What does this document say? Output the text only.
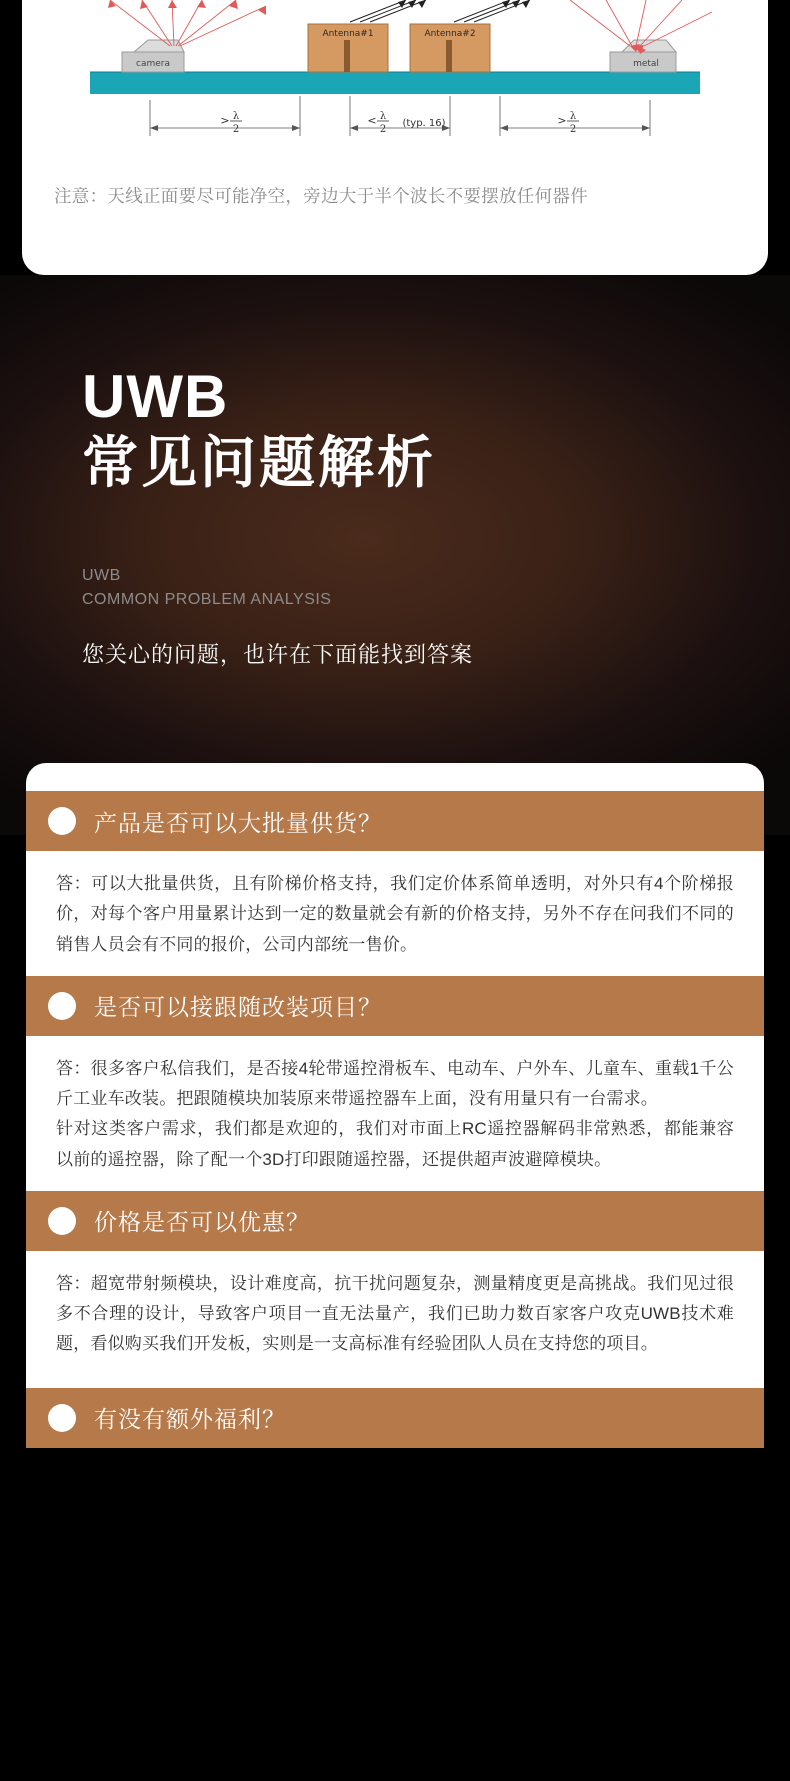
camera
Antenna#1	Antenna#2
metal
> λ
2
< λ
2
(typ. 16)	> λ
2
注意：天线正面要尽可能净空，旁边大于半个波长不要摆放任何器件
UWB
常见问题解析
UWB
COMMON PROBLEM ANALYSIS
您关心的问题，也许在下面能找到答案
产品是否可以大批量供货？

答：可以大批量供货，且有阶梯价格支持，我们定价体系简单透明，对外只有4个阶梯报价，对每个客户用量累计达到一定的数量就会有新的价格支持，另外不存在问我们不同的销售人员会有不同的报价，公司内部统一售价。

是否可以接跟随改装项目？

答：很多客户私信我们，是否接4轮带遥控滑板车、电动车、户外车、儿童车、重载1千公斤工业车改装。把跟随模块加装原来带遥控器车上面，没有用量只有一台需求。

针对这类客户需求，我们都是欢迎的，我们对市面上RC遥控器解码非常熟悉，都能兼容以前的遥控器，除了配一个3D打印跟随遥控器，还提供超声波避障模块。

价格是否可以优惠？

答：超宽带射频模块，设计难度高，抗干扰问题复杂，测量精度更是高挑战。我们见过很多不合理的设计，导致客户项目一直无法量产，我们已助力数百家客户攻克UWB技术难题，看似购买我们开发板，实则是一支高标准有经验团队人员在支持您的项目。

有没有额外福利？
